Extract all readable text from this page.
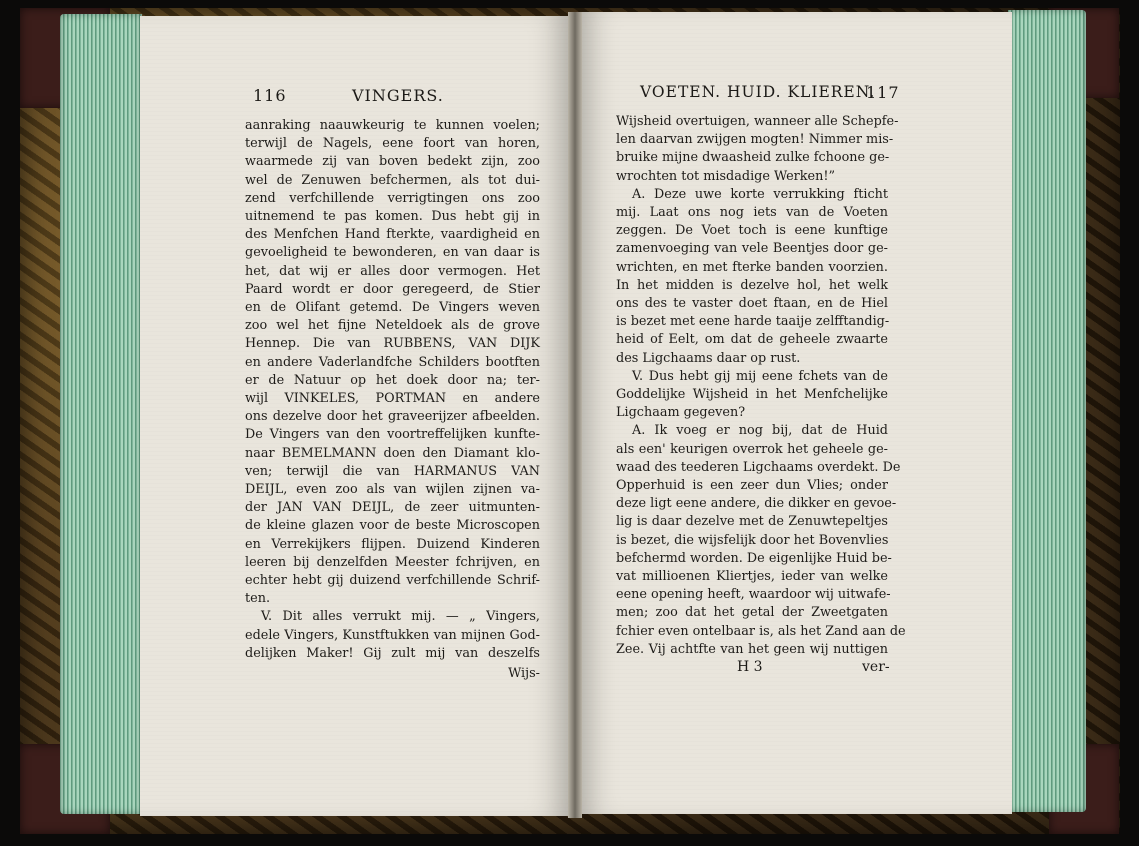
116	VINGERS.	VOETEN. HUID. KLIEREN.
117
aanraking naauwkeurig te kunnen voelen;
terwijl de Nagels, eene foort van horen,
waarmede zij van boven bedekt zijn, zoo
wel de Zenuwen befchermen, als tot dui-
zend verfchillende verrigtingen ons zoo
uitnemend te pas komen. Dus hebt gij in
des Menfchen Hand fterkte, vaardigheid en
gevoeligheid te bewonderen, en van daar is
het, dat wij er alles door vermogen. Het
Paard wordt er door geregeerd, de Stier
en de Olifant getemd. De Vingers weven
zoo wel het fijne Neteldoek als de grove
Hennep. Die van RUBBENS, VAN DIJK
en andere Vaderlandfche Schilders bootften
er de Natuur op het doek door na; ter-
wijl VINKELES, PORTMAN en andere
ons dezelve door het graveerijzer afbeelden.
De Vingers van den voortreffelijken kunfte-
naar BEMELMANN doen den Diamant klo-
ven; terwijl die van HARMANUS VAN
DEIJL, even zoo als van wijlen zijnen va-
der JAN VAN DEIJL, de zeer uitmunten-
de kleine glazen voor de beste Microscopen
en Verrekijkers flijpen. Duizend Kinderen
leeren bij denzelfden Meester fchrijven, en
echter hebt gij duizend verfchillende Schrif-
ten.
V. Dit alles verrukt mij. — „ Vingers,
edele Vingers, Kunstftukken van mijnen God-
delijken Maker! Gij zult mij van deszelfs
Wijs-
Wijsheid overtuigen, wanneer alle Schepfe-
len daarvan zwijgen mogten! Nimmer mis-
bruike mijne dwaasheid zulke fchoone ge-
wrochten tot misdadige Werken!”
A. Deze uwe korte verrukking fticht
mij. Laat ons nog iets van de Voeten
zeggen. De Voet toch is eene kunftige
zamenvoeging van vele Beentjes door ge-
wrichten, en met fterke banden voorzien.
In het midden is dezelve hol, het welk
ons des te vaster doet ftaan, en de Hiel
is bezet met eene harde taaije zelfftandig-
heid of Eelt, om dat de geheele zwaarte
des Ligchaams daar op rust.
V. Dus hebt gij mij eene fchets van de
Goddelijke Wijsheid in het Menfchelijke
Ligchaam gegeven?
A. Ik voeg er nog bij, dat de Huid
als een' keurigen overrok het geheele ge-
waad des teederen Ligchaams overdekt. De
Opperhuid is een zeer dun Vlies; onder
deze ligt eene andere, die dikker en gevoe-
lig is daar dezelve met de Zenuwtepeltjes
is bezet, die wijsfelijk door het Bovenvlies
befchermd worden. De eigenlijke Huid be-
vat millioenen Kliertjes, ieder van welke
eene opening heeft, waardoor wij uitwafe-
men; zoo dat het getal der Zweetgaten
fchier even ontelbaar is, als het Zand aan de
Zee. Vij achtfte van het geen wij nuttigen
H 3	ver-
